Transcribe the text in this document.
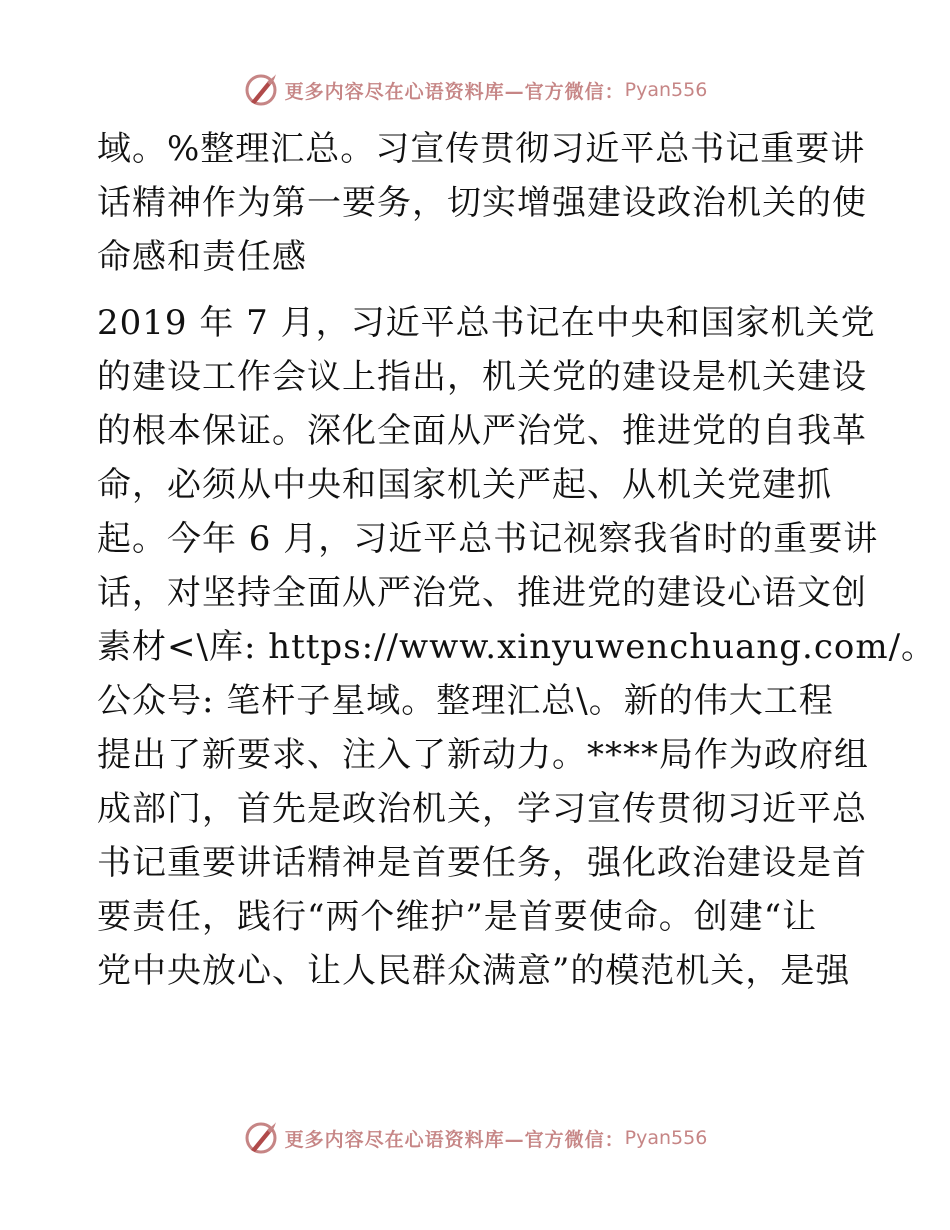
更多内容尽在心语资料库—官方微信： Pyan556

域。%整理汇总。习宣传贯彻习近平总书记重要讲
话精神作为第一要务，切实增强建设政治机关的使
命感和责任感

2019 年 7 月，习近平总书记在中央和国家机关党
的建设工作会议上指出，机关党的建设是机关建设
的根本保证。深化全面从严治党、推进党的自我革
命，必须从中央和国家机关严起、从机关党建抓
起。今年 6 月，习近平总书记视察我省时的重要讲
话，对坚持全面从严治党、推进党的建设心语文创
素材<\库: https://www.xinyuwenchuang.com/。
公众号: 笔杆子星域。整理汇总\。新的伟大工程
提出了新要求、注入了新动力。****局作为政府组
成部门，首先是政治机关，学习宣传贯彻习近平总
书记重要讲话精神是首要任务，强化政治建设是首
要责任，践行“两个维护”是首要使命。创建“让
党中央放心、让人民群众满意”的模范机关，是强

更多内容尽在心语资料库—官方微信： Pyan556
